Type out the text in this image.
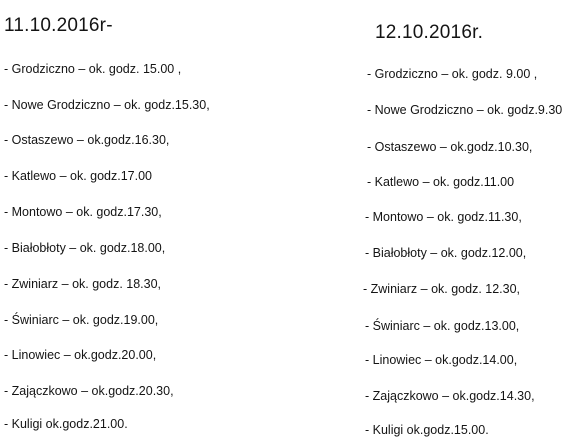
11.10.2016r-
- Grodziczno – ok. godz. 15.00 ,
- Nowe Grodziczno – ok. godz.15.30,
- Ostaszewo – ok.godz.16.30,
- Katlewo – ok. godz.17.00
- Montowo – ok. godz.17.30,
- Białobłoty – ok. godz.18.00,
- Zwiniarz – ok. godz. 18.30,
- Świniarc – ok. godz.19.00,
- Linowiec – ok.godz.20.00,
- Zajączkowo – ok.godz.20.30,
- Kuligi ok.godz.21.00.
12.10.2016r.
- Grodziczno – ok. godz. 9.00 ,
- Nowe Grodziczno – ok. godz.9.30
- Ostaszewo – ok.godz.10.30,
- Katlewo – ok. godz.11.00
- Montowo – ok. godz.11.30,
- Białobłoty – ok. godz.12.00,
- Zwiniarz – ok. godz. 12.30,
- Świniarc – ok. godz.13.00,
- Linowiec – ok.godz.14.00,
- Zajączkowo – ok.godz.14.30,
- Kuligi ok.godz.15.00.
